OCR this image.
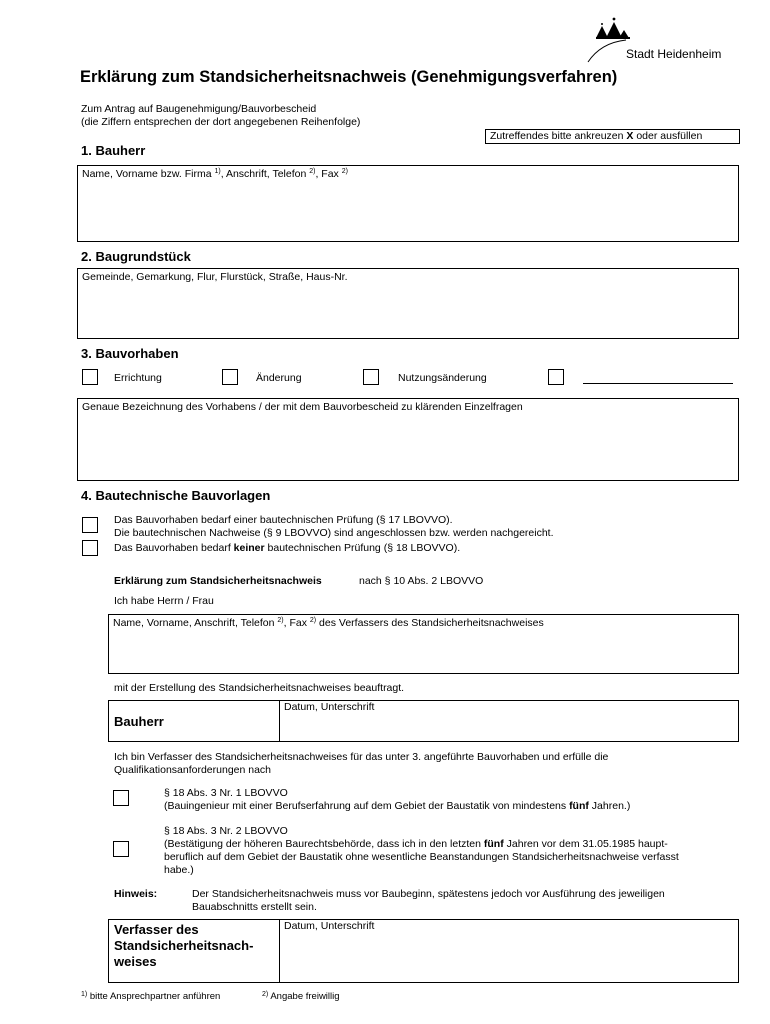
Stadt Heidenheim
Erklärung zum Standsicherheitsnachweis (Genehmigungsverfahren)
Zum Antrag auf Baugenehmigung/Bauvorbescheid
(die Ziffern entsprechen der dort angegebenen Reihenfolge)
Zutreffendes bitte ankreuzen X oder ausfüllen
1. Bauherr
Name, Vorname bzw. Firma $^{1)}$, Anschrift, Telefon $^{2)}$, Fax $^{2)}$
2. Baugrundstück
Gemeinde, Gemarkung, Flur, Flurstück, Straße, Haus-Nr.
3. Bauvorhaben
Errichtung	Änderung	Nutzungsänderung
Genaue Bezeichnung des Vorhabens / der mit dem Bauvorbescheid zu klärenden Einzelfragen
4. Bautechnische Bauvorlagen
Das Bauvorhaben bedarf einer bautechnischen Prüfung (§ 17 LBOVVO).
Die bautechnischen Nachweise (§ 9 LBOVVO) sind angeschlossen bzw. werden nachgereicht.
Das Bauvorhaben bedarf keiner bautechnischen Prüfung (§ 18 LBOVVO).
Erklärung zum Standsicherheitsnachweis	nach § 10 Abs. 2 LBOVVO
Ich habe Herrn / Frau
Name, Vorname, Anschrift, Telefon $^{2)}$, Fax $^{2)}$ des Verfassers des Standsicherheitsnachweises
mit der Erstellung des Standsicherheitsnachweises beauftragt.
Bauherr
Datum, Unterschrift
Ich bin Verfasser des Standsicherheitsnachweises für das unter 3. angeführte Bauvorhaben und erfülle die
Qualifikationsanforderungen nach
§ 18 Abs. 3 Nr. 1 LBOVVO
(Bauingenieur mit einer Berufserfahrung auf dem Gebiet der Baustatik von mindestens fünf Jahren.)
§ 18 Abs. 3 Nr. 2 LBOVVO
(Bestätigung der höheren Baurechtsbehörde, dass ich in den letzten fünf Jahren vor dem 31.05.1985 haupt-
beruflich auf dem Gebiet der Baustatik ohne wesentliche Beanstandungen Standsicherheitsnachweise verfasst
habe.)
Hinweis:	Der Standsicherheitsnachweis muss vor Baubeginn, spätestens jedoch vor Ausführung des jeweiligen
Bauabschnitts erstellt sein.
Verfasser des
Standsicherheitsnach-
weises
Datum, Unterschrift
$^{1)}$ bitte Ansprechpartner anführen	$^{2)}$ Angabe freiwillig
